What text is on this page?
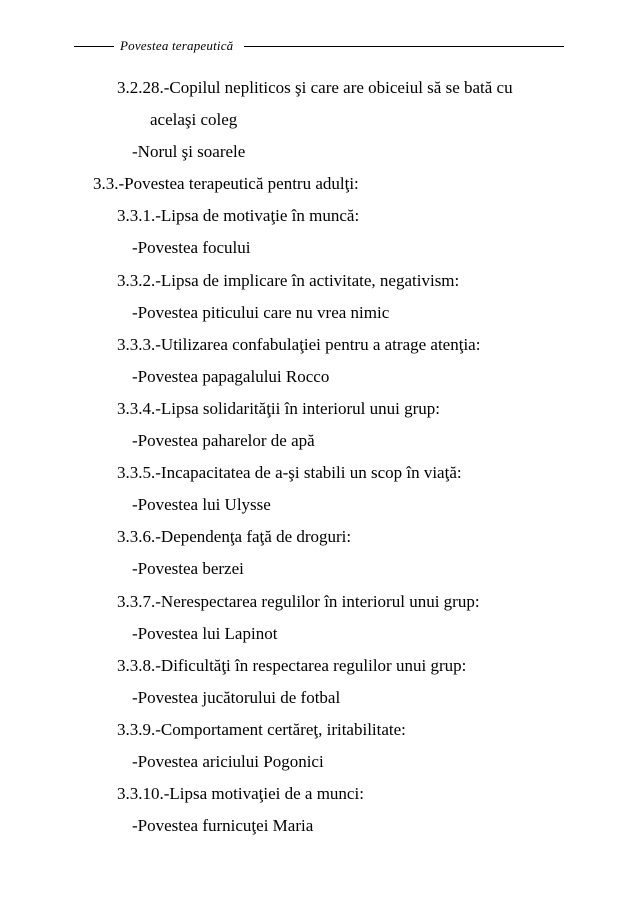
Povestea terapeutică
3.2.28.-Copilul nepliticos şi care are obiceiul să se bată cu
acelaşi coleg
-Norul şi soarele
3.3.-Povestea terapeutică pentru adulţi:
3.3.1.-Lipsa de motivaţie în muncă:
-Povestea focului
3.3.2.-Lipsa de implicare în activitate, negativism:
-Povestea piticului care nu vrea nimic
3.3.3.-Utilizarea confabulaţiei pentru a atrage atenţia:
-Povestea papagalului Rocco
3.3.4.-Lipsa solidarităţii în interiorul unui grup:
-Povestea paharelor de apă
3.3.5.-Incapacitatea de a-şi stabili un scop în viaţă:
-Povestea lui Ulysse
3.3.6.-Dependenţa faţă de droguri:
-Povestea berzei
3.3.7.-Nerespectarea regulilor în interiorul unui grup:
-Povestea lui Lapinot
3.3.8.-Dificultăţi în respectarea regulilor unui grup:
-Povestea jucătorului de fotbal
3.3.9.-Comportament certăreţ, iritabilitate:
-Povestea ariciului Pogonici
3.3.10.-Lipsa motivaţiei de a munci:
-Povestea furnicuţei Maria
